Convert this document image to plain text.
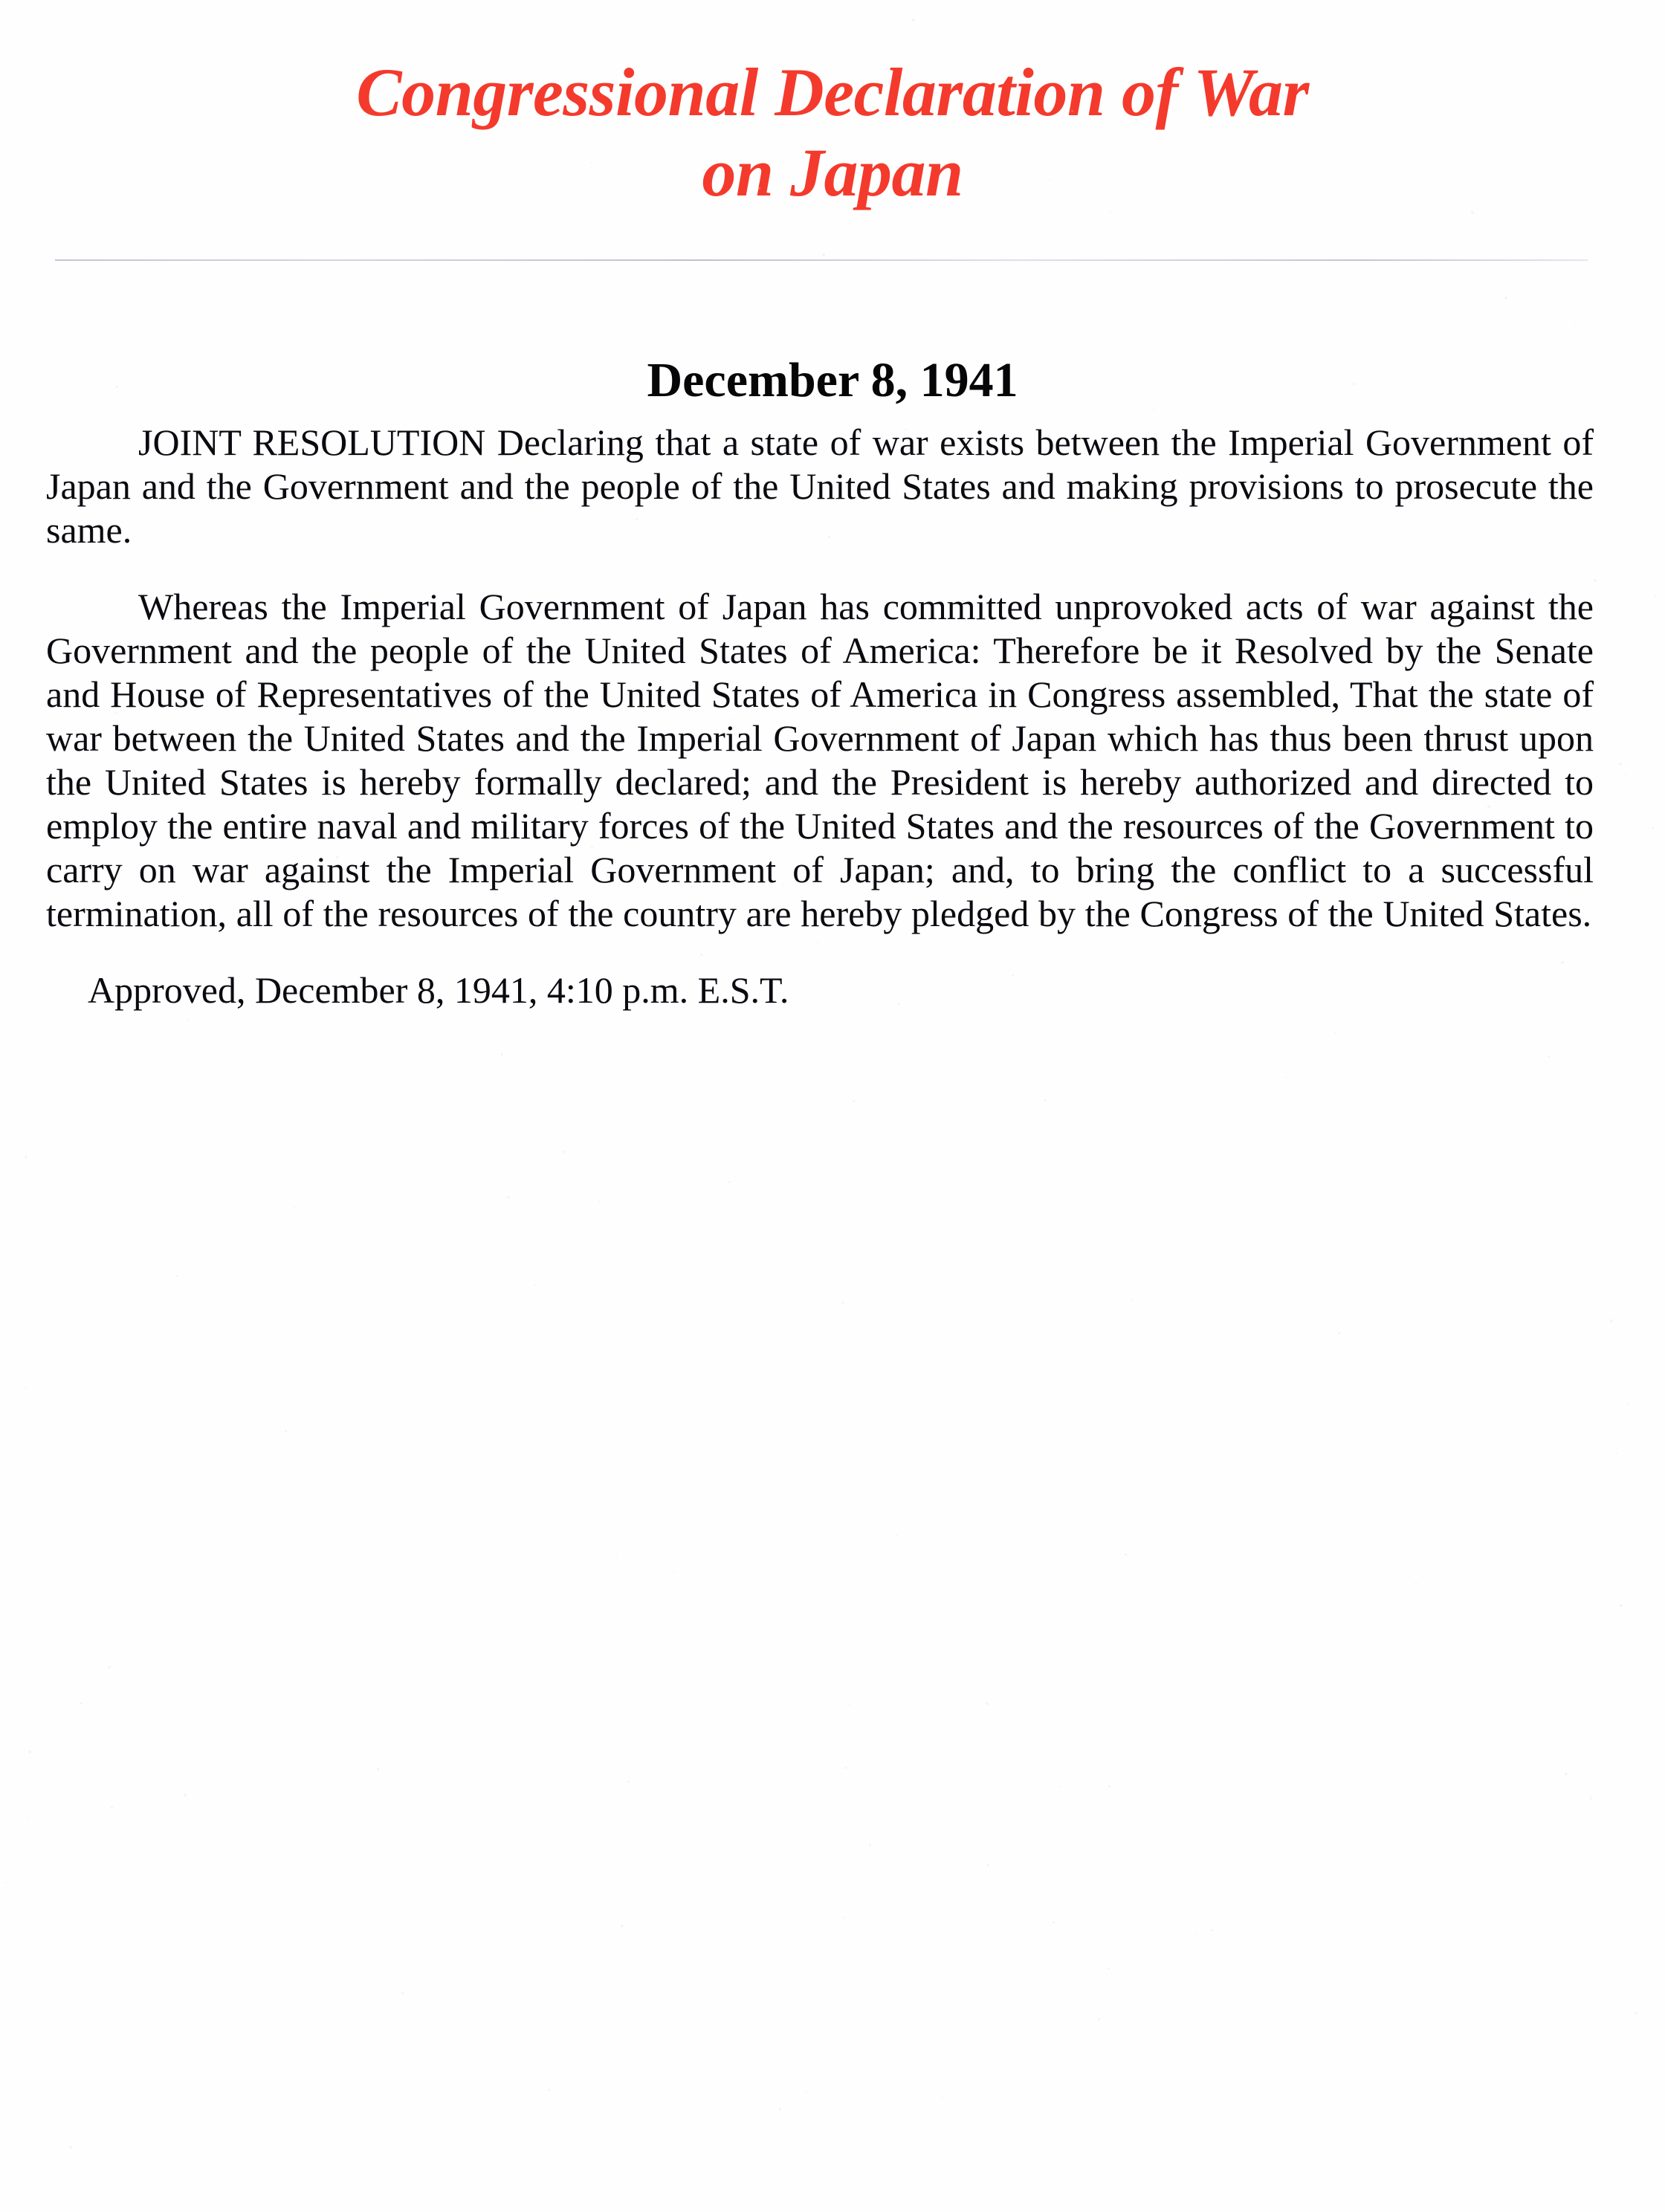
Congressional Declaration of War
on Japan
December 8, 1941

JOINT RESOLUTION Declaring that a state of war exists between the Imperial Government of Japan and the Government and the people of the United States and making provisions to prosecute the same.

Whereas the Imperial Government of Japan has committed unprovoked acts of war against the Government and the people of the United States of America: Therefore be it Resolved by the Senate and House of Representatives of the United States of America in Congress assembled, That the state of war between the United States and the Imperial Government of Japan which has thus been thrust upon the United States is hereby formally declared; and the President is hereby authorized and directed to employ the entire naval and military forces of the United States and the resources of the Government to carry on war against the Imperial Government of Japan; and, to bring the conflict to a successful termination, all of the resources of the country are hereby pledged by the Congress of the United States.

Approved, December 8, 1941, 4:10 p.m. E.S.T.
